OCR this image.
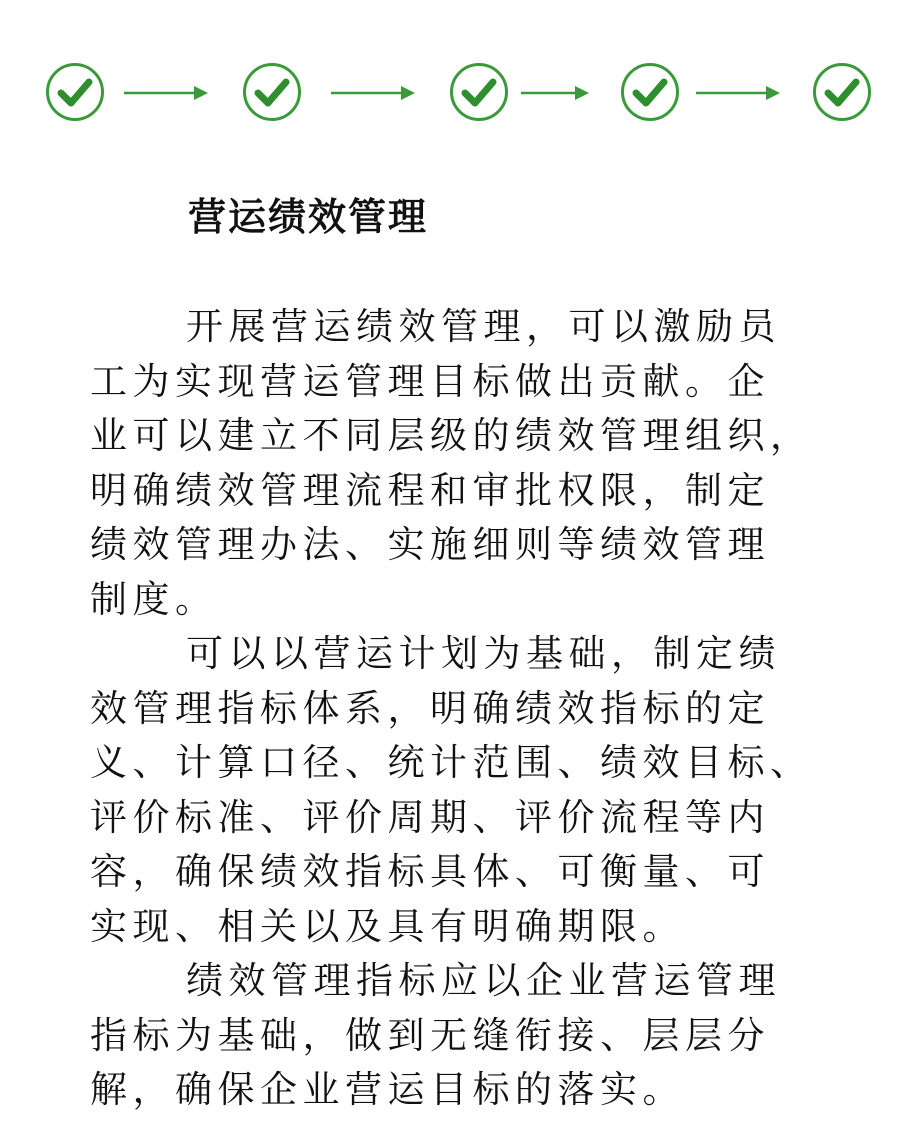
营运绩效管理
开展营运绩效管理，可以激励员
工为实现营运管理目标做出贡献。企
业可以建立不同层级的绩效管理组织，
明确绩效管理流程和审批权限，制定
绩效管理办法、实施细则等绩效管理
制度。
可以以营运计划为基础，制定绩
效管理指标体系，明确绩效指标的定
义、计算口径、统计范围、绩效目标、
评价标准、评价周期、评价流程等内
容，确保绩效指标具体、可衡量、可
实现、相关以及具有明确期限。
绩效管理指标应以企业营运管理
指标为基础，做到无缝衔接、层层分
解，确保企业营运目标的落实。
